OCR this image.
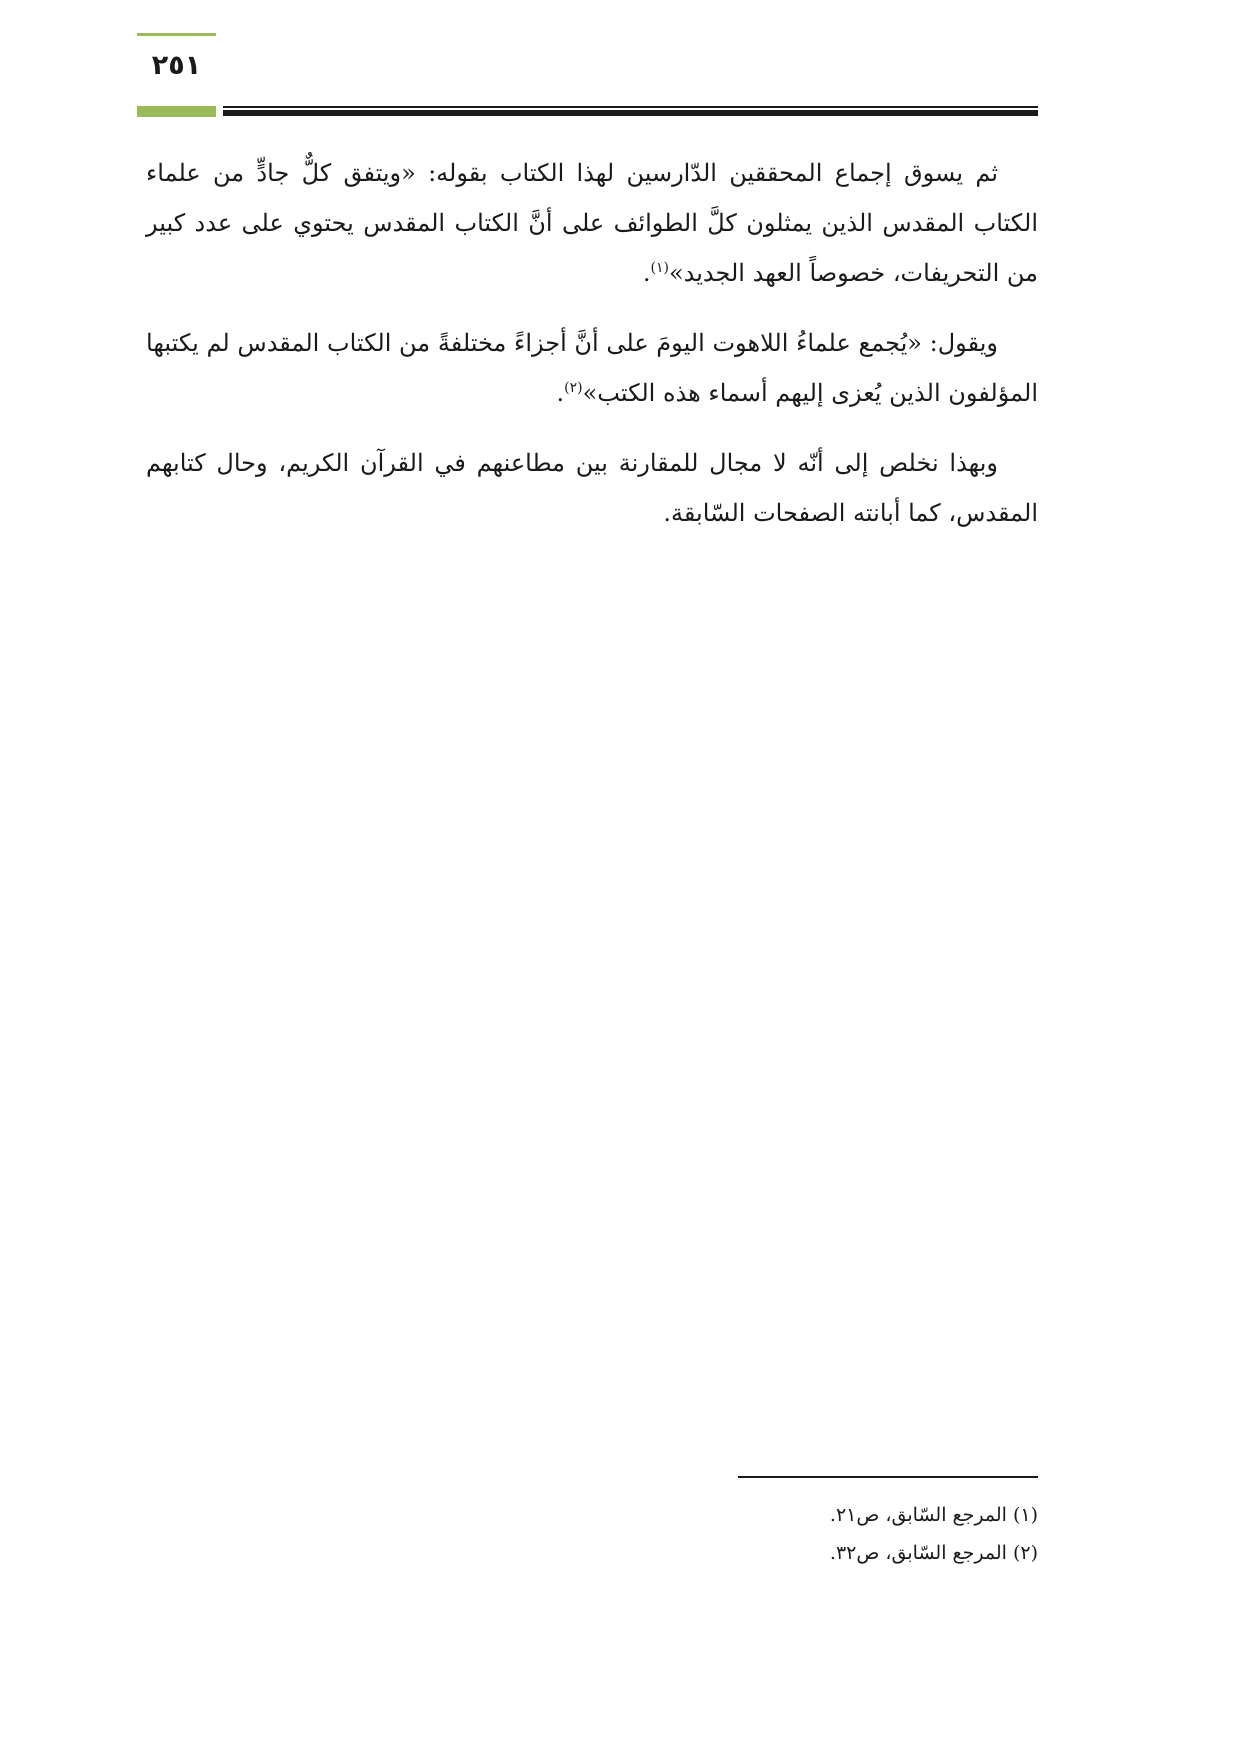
٢٥١

ثم يسوق إجماع المحققين الدّارسين لهذا الكتاب بقوله: «ويتفق كلٌّ جادٍّ من علماء الكتاب المقدس الذين يمثلون كلَّ الطوائف على أنَّ الكتاب المقدس يحتوي على عدد كبير من التحريفات، خصوصاً العهد الجديد»$^{(١)}$.

ويقول: «يُجمع علماءُ اللاهوت اليومَ على أنَّ أجزاءً مختلفةً من الكتاب المقدس لم يكتبها المؤلفون الذين يُعزى إليهم أسماء هذه الكتب»$^{(٢)}$.

وبهذا نخلص إلى أنّه لا مجال للمقارنة بين مطاعنهم في القرآن الكريم، وحال كتابهم المقدس، كما أبانته الصفحات السّابقة.

(١) المرجع السّابق، ص٢١.
(٢) المرجع السّابق، ص٣٢.
